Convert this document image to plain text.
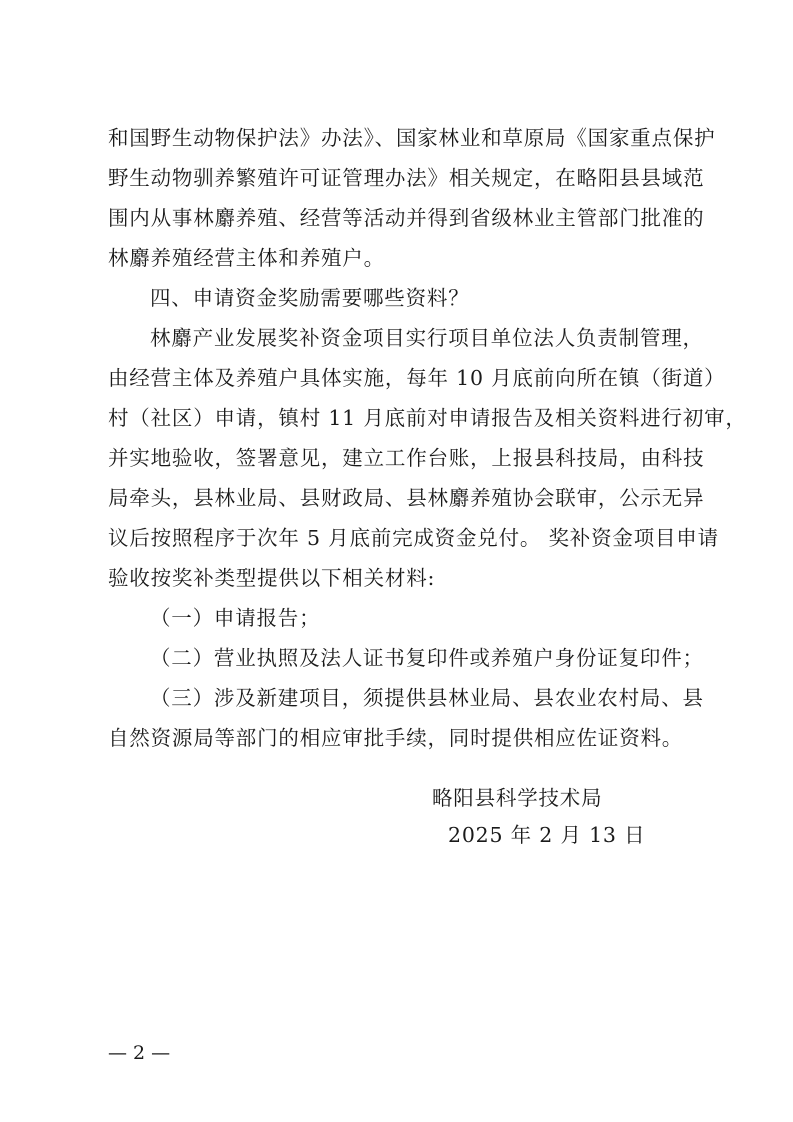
和国野生动物保护法》办法》、国家林业和草原局《国家重点保护
野生动物驯养繁殖许可证管理办法》相关规定，在略阳县县域范
围内从事林麝养殖、经营等活动并得到省级林业主管部门批准的
林麝养殖经营主体和养殖户。
四、申请资金奖励需要哪些资料？
林麝产业发展奖补资金项目实行项目单位法人负责制管理，
由经营主体及养殖户具体实施，每年 10 月底前向所在镇（街道）
村（社区）申请，镇村 11 月底前对申请报告及相关资料进行初审，
并实地验收，签署意见，建立工作台账，上报县科技局，由科技
局牵头，县林业局、县财政局、县林麝养殖协会联审，公示无异
议后按照程序于次年 5 月底前完成资金兑付。 奖补资金项目申请
验收按奖补类型提供以下相关材料:
（一）申请报告；
（二）营业执照及法人证书复印件或养殖户身份证复印件；
（三）涉及新建项目，须提供县林业局、县农业农村局、县
自然资源局等部门的相应审批手续，同时提供相应佐证资料。
略阳县科学技术局
2025 年 2 月 13 日
— 2 —
